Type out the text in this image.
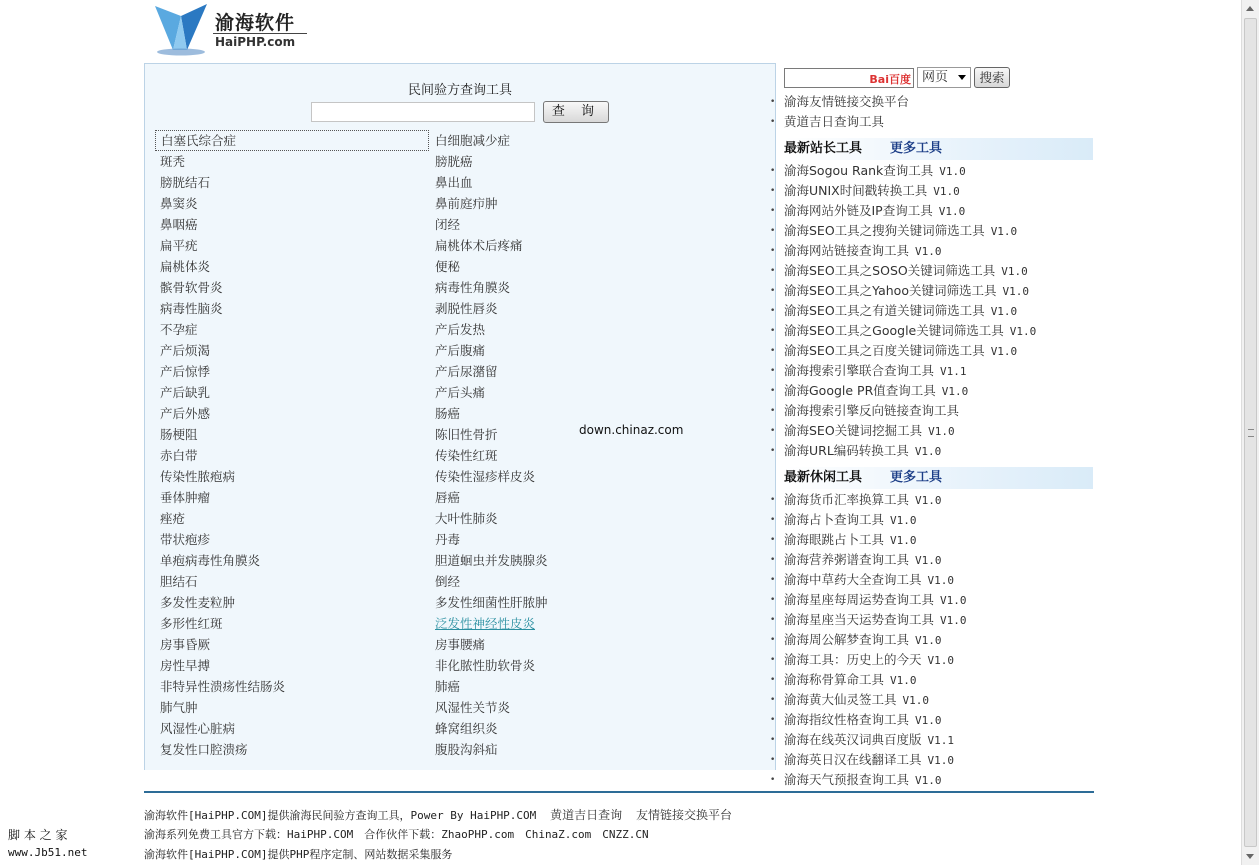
渝海软件
HaiPHP.com
民间验方查询工具
查 询
白塞氏综合症
斑秃
膀胱结石
鼻窦炎
鼻咽癌
扁平疣
扁桃体炎
髌骨软骨炎
病毒性脑炎
不孕症
产后烦渴
产后惊悸
产后缺乳
产后外感
肠梗阻
赤白带
传染性脓疱病
垂体肿瘤
痤疮
带状疱疹
单疱病毒性角膜炎
胆结石
多发性麦粒肿
多形性红斑
房事昏厥
房性早搏
非特异性溃疡性结肠炎
肺气肿
风湿性心脏病
复发性口腔溃疡
白细胞减少症
膀胱癌
鼻出血
鼻前庭疖肿
闭经
扁桃体术后疼痛
便秘
病毒性角膜炎
剥脱性唇炎
产后发热
产后腹痛
产后尿潴留
产后头痛
肠癌
陈旧性骨折
传染性红斑
传染性湿疹样皮炎
唇癌
大叶性肺炎
丹毒
胆道蛔虫并发胰腺炎
倒经
多发性细菌性肝脓肿
泛发性神经性皮炎
房事腰痛
非化脓性肋软骨炎
肺癌
风湿性关节炎
蜂窝组织炎
腹股沟斜疝
down.chinaz.com
Bai百度 网页	搜索
• 渝海友情链接交换平台
• 黄道吉日查询工具
• 渝海Sogou Rank查询工具 V1.0
• 渝海UNIX时间戳转换工具 V1.0
• 渝海网站外链及IP查询工具 V1.0
• 渝海SEO工具之搜狗关键词筛选工具 V1.0
• 渝海网站链接查询工具 V1.0
• 渝海SEO工具之SOSO关键词筛选工具 V1.0
• 渝海SEO工具之Yahoo关键词筛选工具 V1.0
• 渝海SEO工具之有道关键词筛选工具 V1.0
• 渝海SEO工具之Google关键词筛选工具 V1.0
• 渝海SEO工具之百度关键词筛选工具 V1.0
• 渝海搜索引擎联合查询工具 V1.1
• 渝海Google PR值查询工具 V1.0
• 渝海搜索引擎反向链接查询工具
• 渝海SEO关键词挖掘工具 V1.0
• 渝海URL编码转换工具 V1.0
• 渝海货币汇率换算工具 V1.0
• 渝海占卜查询工具 V1.0
• 渝海眼跳占卜工具 V1.0
• 渝海营养粥谱查询工具 V1.0
• 渝海中草药大全查询工具 V1.0
• 渝海星座每周运势查询工具 V1.0
• 渝海星座当天运势查询工具 V1.0
• 渝海周公解梦查询工具 V1.0
• 渝海工具：历史上的今天 V1.0
• 渝海称骨算命工具 V1.0
• 渝海黄大仙灵签工具 V1.0
• 渝海指纹性格查询工具 V1.0
• 渝海在线英汉词典百度版 V1.1
• 渝海英日汉在线翻译工具 V1.0
• 渝海天气预报查询工具 V1.0
最新站长工具 更多工具
最新休闲工具 更多工具
渝海软件[HaiPHP.COM]提供渝海民间验方查询工具，Power By HaiPHP.COM 黄道吉日查询 友情链接交换平台
渝海系列免费工具官方下载：HaiPHP.COM　合作伙伴下载：ZhaoPHP.com　ChinaZ.com　CNZZ.CN
渝海软件[HaiPHP.COM]提供PHP程序定制、网站数据采集服务
脚 本 之 家
www.Jb51.net
